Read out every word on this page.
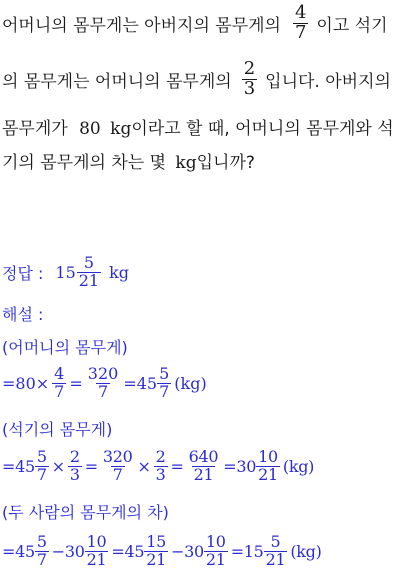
어머니의 몸무게는 아버지의 몸무게의 $\frac{4}{7}$ 이고 석기
의 몸무게는 어머니의 몸무게의 $\frac{2}{3}$ 입니다. 아버지의
몸무게가 80 kg이라고 할 때, 어머니의 몸무게와 석
기의 몸무게의 차는 몇 kg입니까?
정답 : $15 \frac{5}{21}$ kg
해설 :
(어머니의 몸무게)
$=80\times \frac{4}{7} = \frac{320}{7} =45 \frac{5}{7} (kg)$
(석기의 몸무게)
$=45 \frac{5}{7} \times \frac{2}{3} = \frac{320}{7} \times \frac{2}{3} = \frac{640}{21} =30 \frac{10}{21} (kg)$
(두 사람의 몸무게의 차)
$=45 \frac{5}{7} -30 \frac{10}{21} =45 \frac{15}{21} -30 \frac{10}{21} =15 \frac{5}{21} (kg)$
